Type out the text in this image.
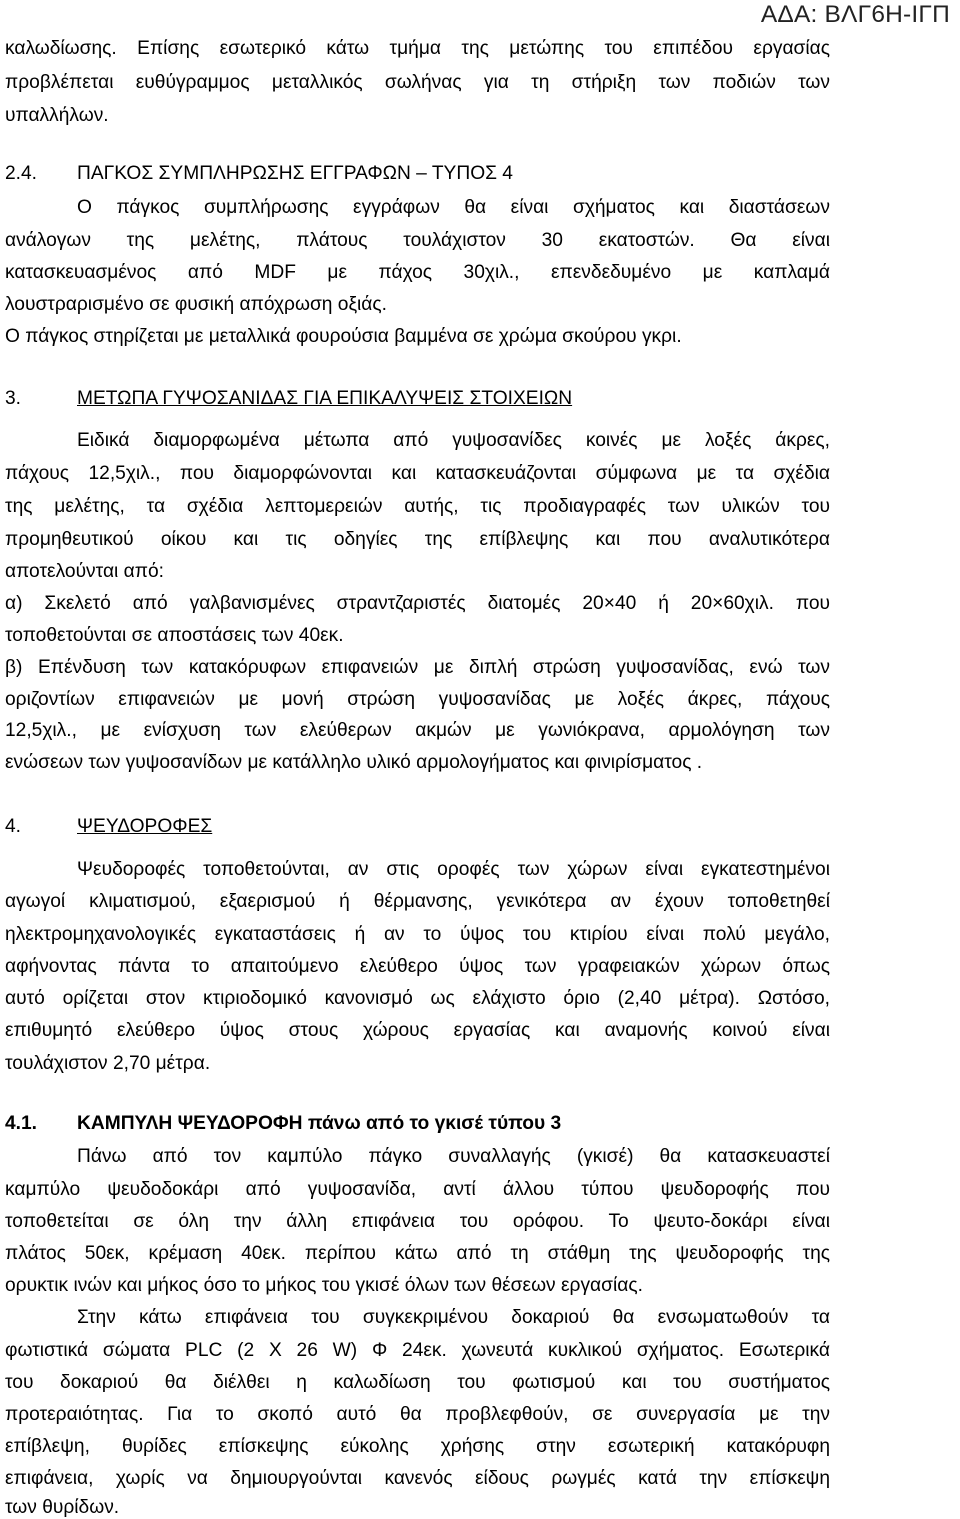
ΑΔΑ: ΒΛΓ6Η-ΙΓΠ
καλωδίωσης. Επίσης εσωτερικό κάτω τμήμα της μετώπης του επιπέδου εργασίας
προβλέπεται ευθύγραμμος μεταλλικός σωλήνας για τη στήριξη των ποδιών των
υπαλλήλων.
2.4. ΠΑΓΚΟΣ ΣΥΜΠΛΗΡΩΣΗΣ ΕΓΓΡΑΦΩΝ – ΤΥΠΟΣ 4
Ο πάγκος συμπλήρωσης εγγράφων θα είναι σχήματος και διαστάσεων
ανάλογων της μελέτης, πλάτους τουλάχιστον 30 εκατοστών. Θα είναι
κατασκευασμένος από MDF με πάχος 30χιλ., επενδεδυμένο με καπλαμά
λουστραρισμένο σε φυσική απόχρωση οξιάς.
Ο πάγκος στηρίζεται με μεταλλικά φουρούσια βαμμένα σε χρώμα σκούρου γκρι.
3.	ΜΕΤΩΠΑ ΓΥΨΟΣΑΝΙΔΑΣ ΓΙΑ ΕΠΙΚΑΛΥΨΕΙΣ ΣΤΟΙΧΕΙΩΝ
Ειδικά διαμορφωμένα μέτωπα από γυψοσανίδες κοινές με λοξές άκρες,
πάχους 12,5χιλ., που διαμορφώνονται και κατασκευάζονται σύμφωνα με τα σχέδια
της μελέτης, τα σχέδια λεπτομερειών αυτής, τις προδιαγραφές των υλικών του
προμηθευτικού οίκου και τις οδηγίες της επίβλεψης και που αναλυτικότερα
αποτελούνται από:
α) Σκελετό από γαλβανισμένες στραντζαριστές διατομές 20×40 ή 20×60χιλ. που
τοποθετούνται σε αποστάσεις των 40εκ.
β) Επένδυση των κατακόρυφων επιφανειών με διπλή στρώση γυψοσανίδας, ενώ των
οριζοντίων επιφανειών με μονή στρώση γυψοσανίδας με λοξές άκρες, πάχους
12,5χιλ., με ενίσχυση των ελεύθερων ακμών με γωνιόκρανα, αρμολόγηση των
ενώσεων των γυψοσανίδων με κατάλληλο υλικό αρμολογήματος και φινιρίσματος .
4.	ΨΕΥΔΟΡΟΦΕΣ
Ψευδοροφές τοποθετούνται, αν στις οροφές των χώρων είναι εγκατεστημένοι
αγωγοί κλιματισμού, εξαερισμού ή θέρμανσης, γενικότερα αν έχουν τοποθετηθεί
ηλεκτρομηχανολογικές εγκαταστάσεις ή αν το ύψος του κτιρίου είναι πολύ μεγάλο,
αφήνοντας πάντα το απαιτούμενο ελεύθερο ύψος των γραφειακών χώρων όπως
αυτό ορίζεται στον κτιριοδομικό κανονισμό ως ελάχιστο όριο (2,40 μέτρα). Ωστόσο,
επιθυμητό ελεύθερο ύψος στους χώρους εργασίας και αναμονής κοινού είναι
τουλάχιστον 2,70 μέτρα.
4.1. ΚΑΜΠΥΛΗ ΨΕΥΔΟΡΟΦΗ πάνω από το γκισέ τύπου 3
Πάνω από τον καμπύλο πάγκο συναλλαγής (γκισέ) θα κατασκευαστεί
καμπύλο ψευδοδοκάρι από γυψοσανίδα, αντί άλλου τύπου ψευδοροφής που
τοποθετείται σε όλη την άλλη επιφάνεια του ορόφου. Το ψευτο-δοκάρι είναι
πλάτος 50εκ, κρέμαση 40εκ. περίπου κάτω από τη στάθμη της ψευδοροφής της
ορυκτικ ινών και μήκος όσο το μήκος του γκισέ όλων των θέσεων εργασίας.
Στην κάτω επιφάνεια του συγκεκριμένου δοκαριού θα ενσωματωθούν τα
φωτιστικά σώματα PLC (2 Χ 26 W) Φ 24εκ. χωνευτά κυκλικού σχήματος. Εσωτερικά
του δοκαριού θα διέλθει η καλωδίωση του φωτισμού και του συστήματος
προτεραιότητας. Για το σκοπό αυτό θα προβλεφθούν, σε συνεργασία με την
επίβλεψη, θυρίδες επίσκεψης εύκολης χρήσης στην εσωτερική κατακόρυφη
επιφάνεια, χωρίς να δημιουργούνται κανενός είδους ρωγμές κατά την επίσκεψη
των θυρίδων.
